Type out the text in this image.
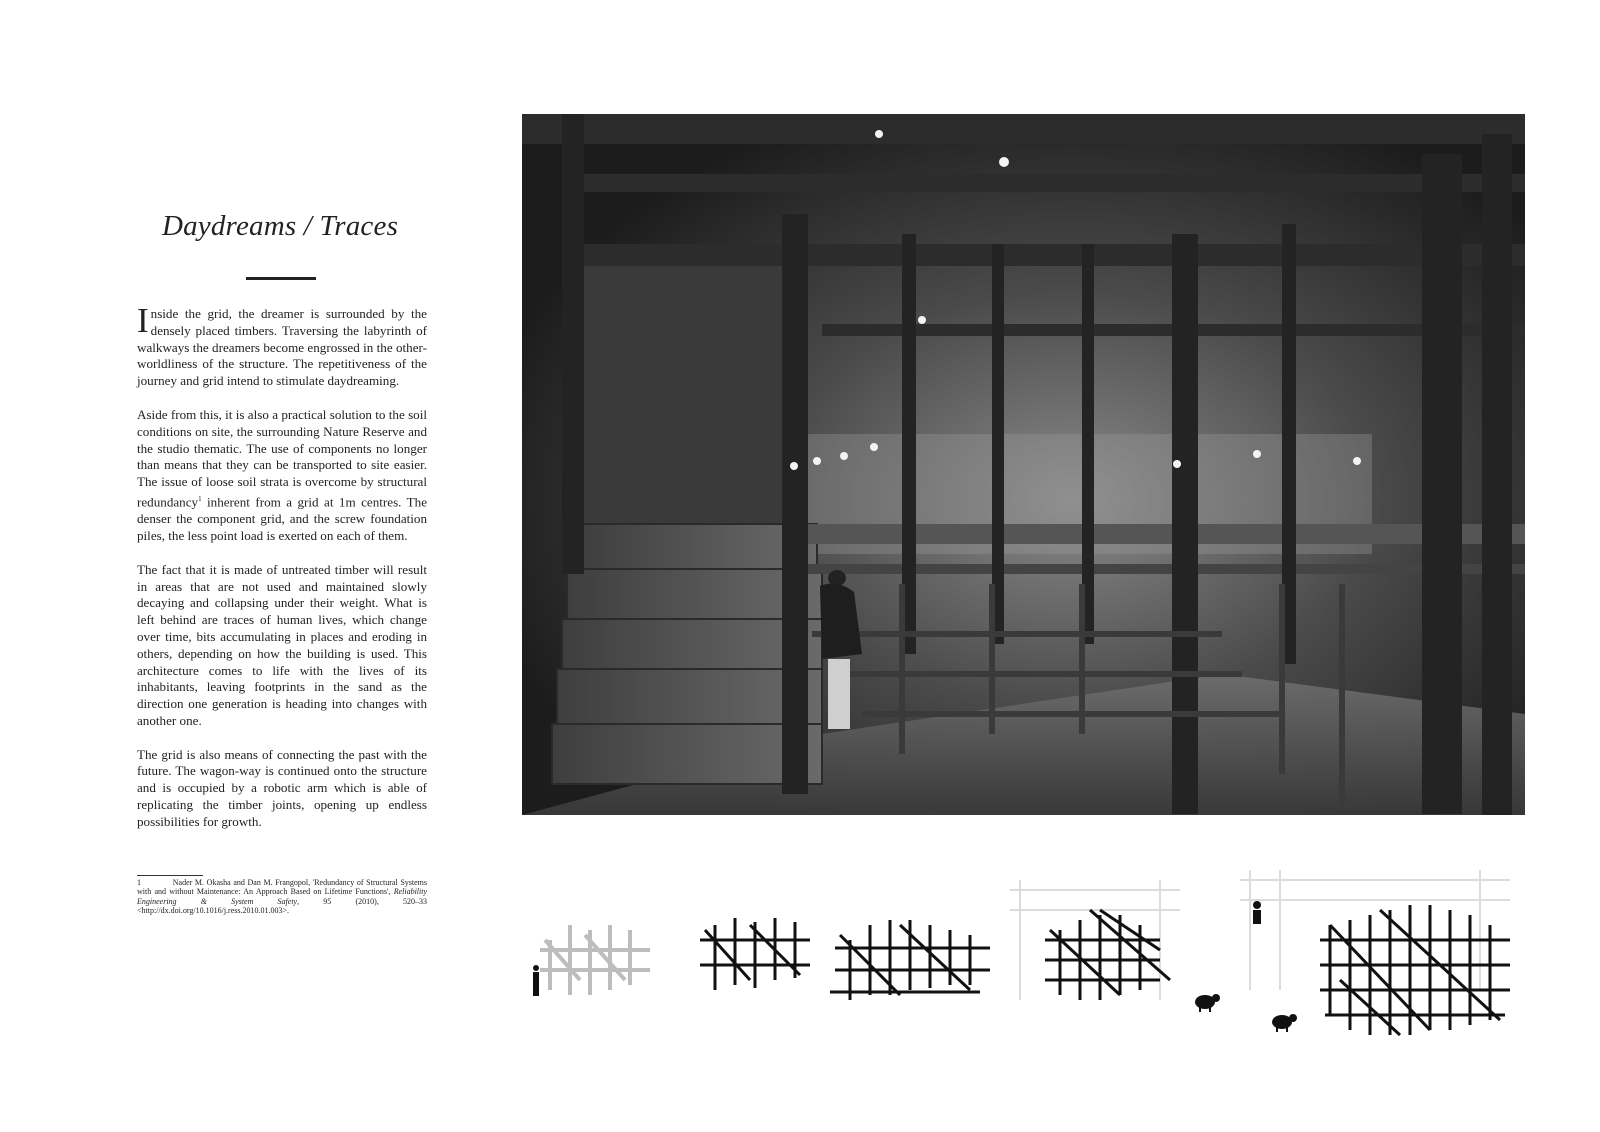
Daydreams / Traces

Inside the grid, the dreamer is surrounded by the densely placed timbers. Traversing the labyrinth of walkways the dreamers become engrossed in the other-worldliness of the structure. The repetitiveness of the journey and grid intend to stimulate daydreaming.

Aside from this, it is also a practical solution to the soil conditions on site, the surrounding Nature Reserve and the studio thematic. The use of components no longer than means that they can be transported to site easier. The issue of loose soil strata is overcome by structural redundancy$^1$ inherent from a grid at 1m centres. The denser the component grid, and the screw foundation piles, the less point load is exerted on each of them.

The fact that it is made of untreated timber will result in areas that are not used and maintained slowly decaying and collapsing under their weight. What is left behind are traces of human lives, which change over time, bits accumulating in places and eroding in others, depending on how the building is used. This architecture comes to life with the lives of its inhabitants, leaving footprints in the sand as the direction one generation is heading into changes with another one.

The grid is also means of connecting the past with the future. The wagon-way is continued onto the structure and is occupied by a robotic arm which is able of replicating the timber joints, opening up endless possibilities for growth.

1	Nader M. Okasha and Dan M. Frangopol, 'Redundancy of Structural Systems with and without Maintenance: An Approach Based on Lifetime Functions', Reliability Engineering & System Safety, 95 (2010), 520–33 <http://dx.doi.org/10.1016/j.ress.2010.01.003>.
